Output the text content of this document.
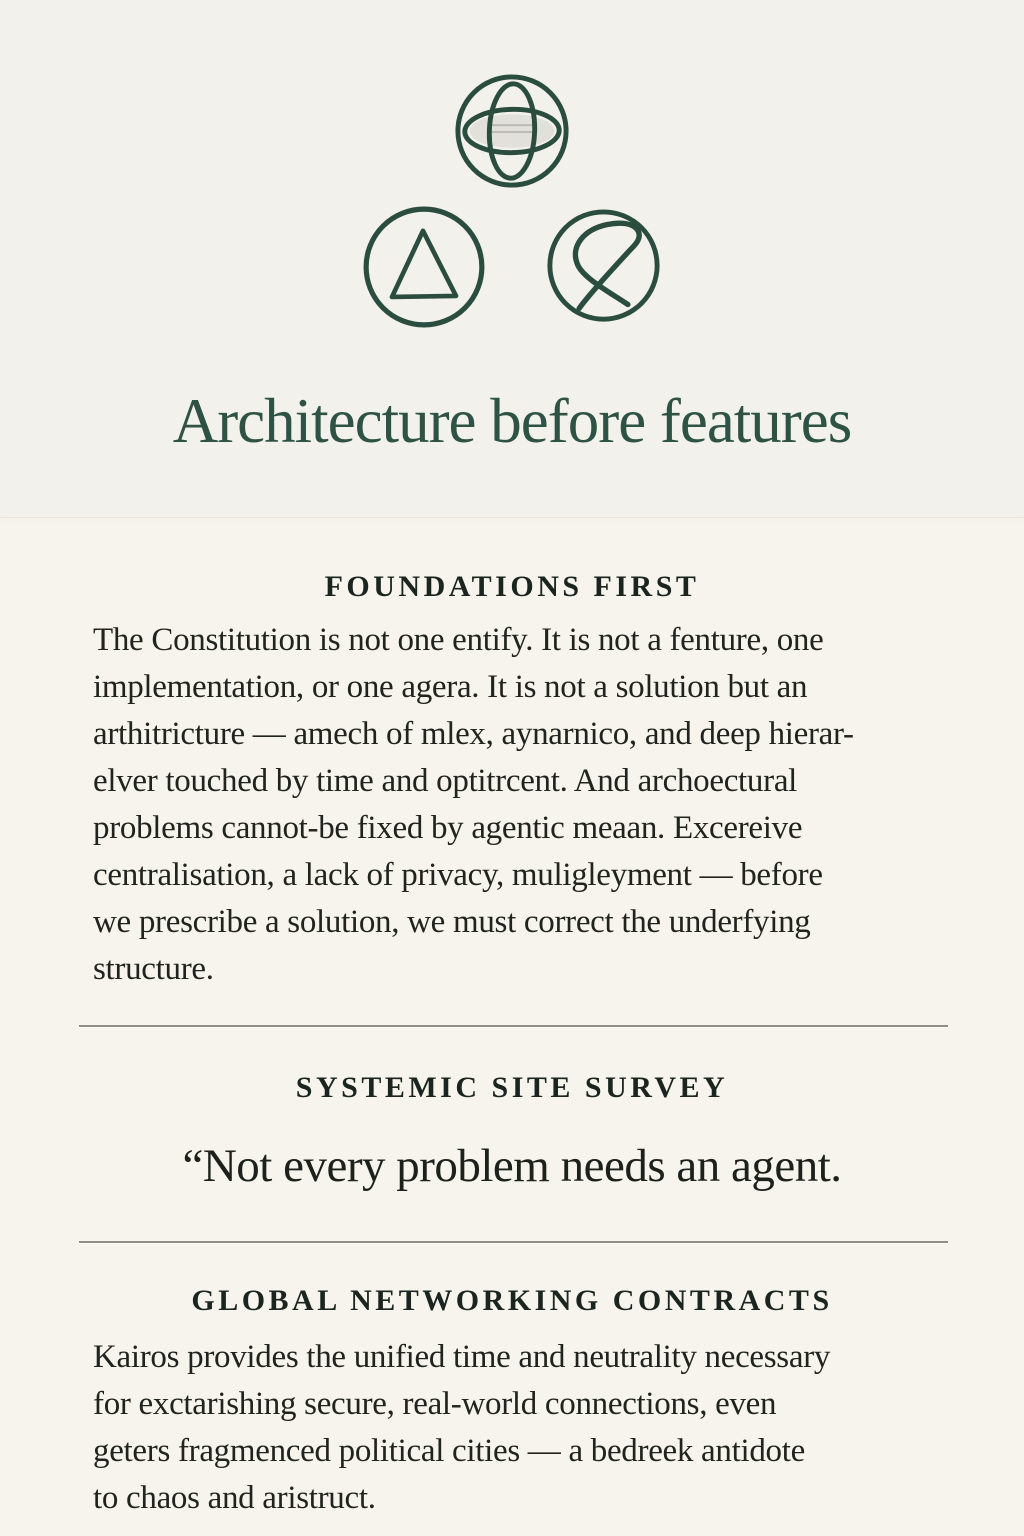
Architecture before features
FOUNDATIONS FIRST
The Constitution is not one entify. It is not a fenture, one
implementation, or one agera. It is not a solution but an
arthitricture — amech of mlex, aynarnico, and deep hierar-
elver touched by time and optitrcent. And archoectural
problems cannot-be fixed by agentic meaan. Excereive
centralisation, a lack of privacy, muligleyment — before
we prescribe a solution, we must correct the underfying
structure.
SYSTEMIC SITE SURVEY
“Not every problem needs an agent.
GLOBAL NETWORKING CONTRACTS
Kairos provides the unified time and neutrality necessary
for exctarishing secure, real-world connections, even
geters fragmenced political cities — a bedreek antidote
to chaos and aristruct.
